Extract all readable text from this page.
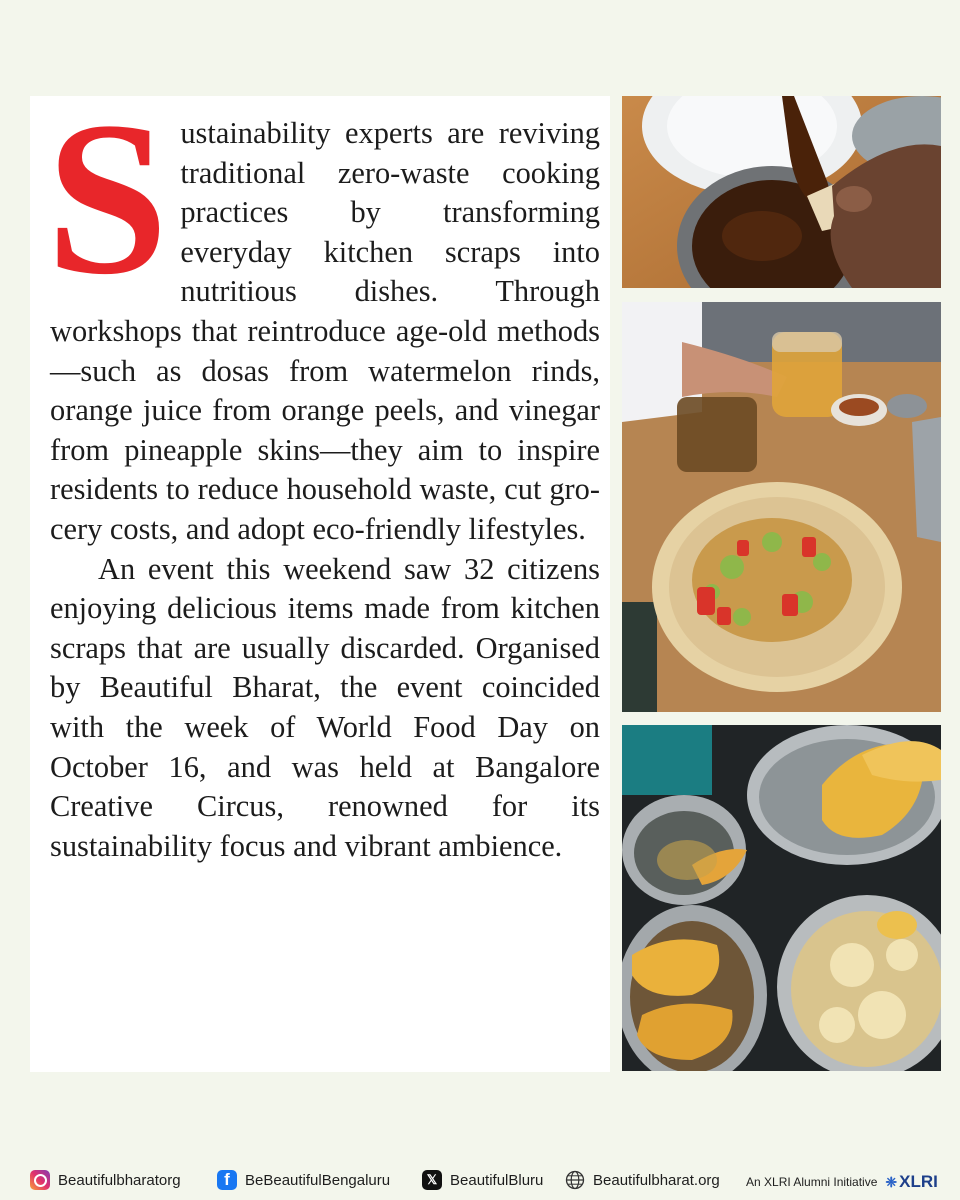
Sustainability experts are reviving traditional zero-waste cooking practices by transforming everyday kitchen scraps into nutritious dishes. Through workshops that reintroduce age-old methods—such as dosas from watermelon rinds, orange juice from orange peels, and vinegar from pineapple skins—they aim to inspire residents to reduce household waste, cut grocery costs, and adopt eco-friendly lifestyles.

An event this weekend saw 32 citizens enjoying delicious items made from kitchen scraps that are usually discarded. Organised by Beautiful Bharat, the event coincided with the week of World Food Day on October 16, and was held at Bangalore Creative Circus, renowned for its sustainability focus and vibrant ambience.

Beautifulbharatorg	f	BeBeautifulBengaluru	𝕏 BeautifulBluru	Beautifulbharat.org An XLRI Alumni Initiative ❈ XLRI
